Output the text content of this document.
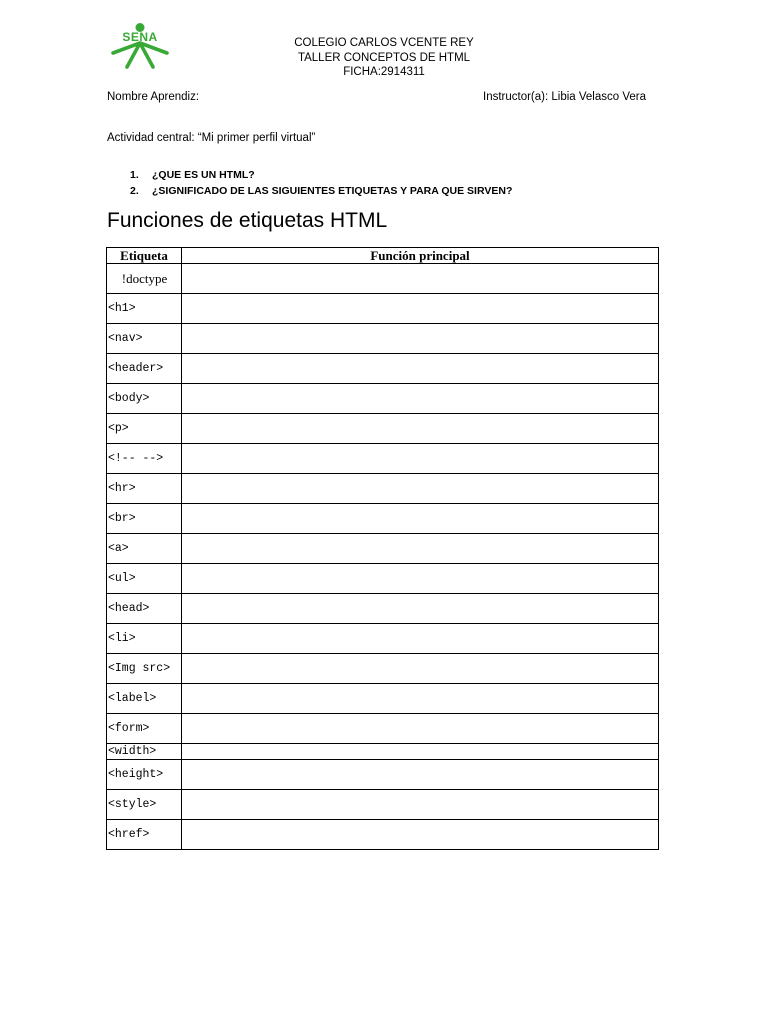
SENA	COLEGIO CARLOS VCENTE REY
TALLER CONCEPTOS DE HTML
FICHA:2914311
Nombre Aprendiz:	Instructor(a): Libia Velasco Vera
Actividad central: “Mi primer perfil virtual”
1. ¿QUE ES UN HTML?
2. ¿SIGNIFICADO DE LAS SIGUIENTES ETIQUETAS Y PARA QUE SIRVEN?
Funciones de etiquetas HTML
Etiqueta	Función principal
!doctype	
<h1>	
<nav>	
<header>	
<body>	
<p>	
<!-- -->	
<hr>	
<br>	
<a>	
<ul>	
<head>	
<li>	
<Img src>	
<label>	
<form>	
<width>	
<height>	
<style>	
<href>	
